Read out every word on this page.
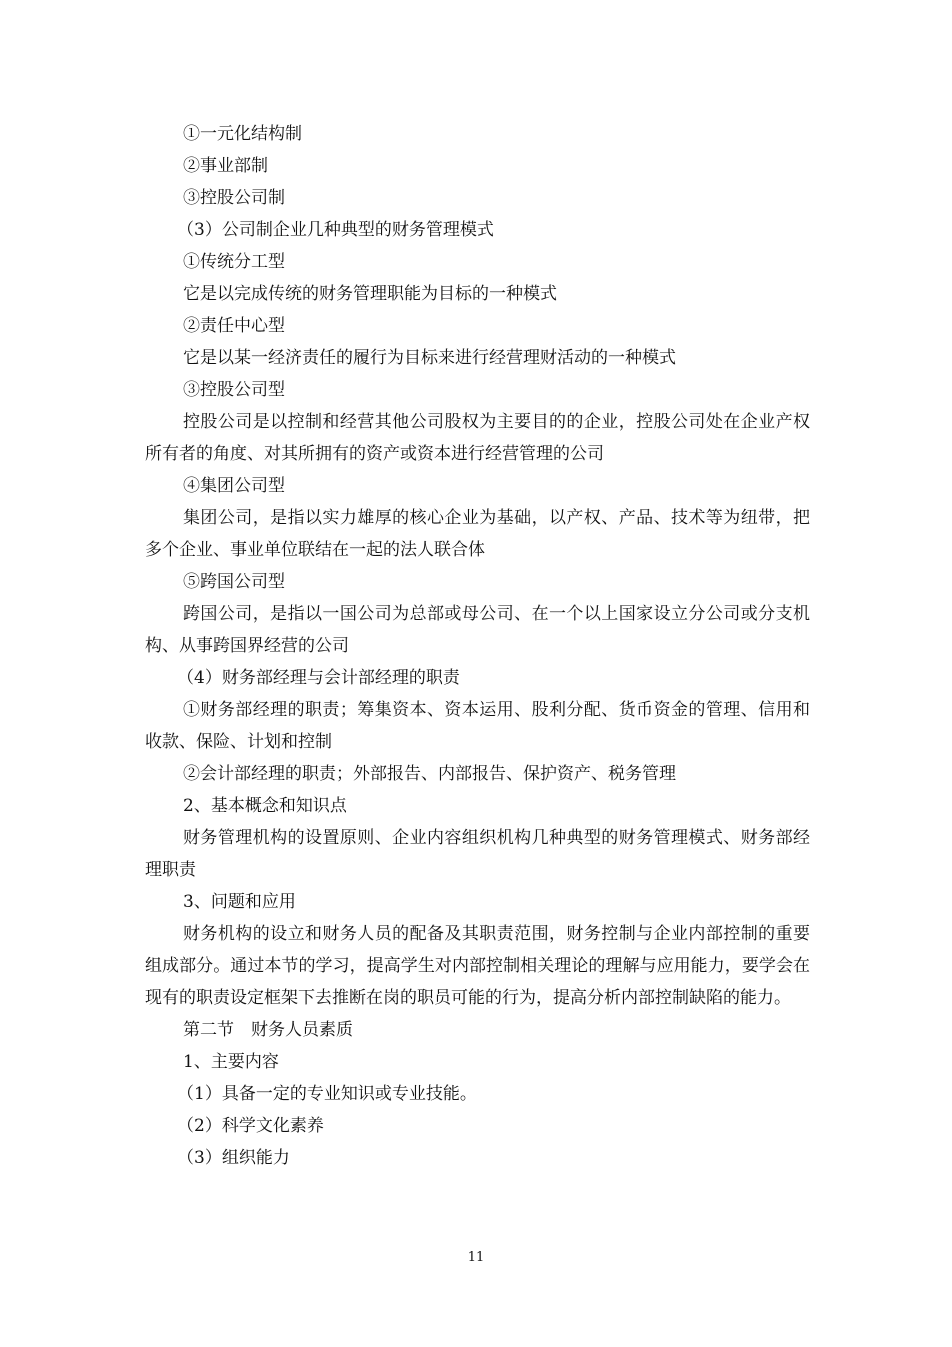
①一元化结构制
②事业部制
③控股公司制
（3）公司制企业几种典型的财务管理模式
①传统分工型
它是以完成传统的财务管理职能为目标的一种模式
②责任中心型
它是以某一经济责任的履行为目标来进行经营理财活动的一种模式
③控股公司型
控股公司是以控制和经营其他公司股权为主要目的的企业，控股公司处在企业产权所有者的角度、对其所拥有的资产或资本进行经营管理的公司
④集团公司型
集团公司，是指以实力雄厚的核心企业为基础，以产权、产品、技术等为纽带，把多个企业、事业单位联结在一起的法人联合体
⑤跨国公司型
跨国公司，是指以一国公司为总部或母公司、在一个以上国家设立分公司或分支机构、从事跨国界经营的公司
（4）财务部经理与会计部经理的职责
①财务部经理的职责；筹集资本、资本运用、股利分配、货币资金的管理、信用和收款、保险、计划和控制
②会计部经理的职责；外部报告、内部报告、保护资产、税务管理
2、基本概念和知识点
财务管理机构的设置原则、企业内容组织机构几种典型的财务管理模式、财务部经理职责
3、问题和应用
财务机构的设立和财务人员的配备及其职责范围，财务控制与企业内部控制的重要组成部分。通过本节的学习，提高学生对内部控制相关理论的理解与应用能力，要学会在现有的职责设定框架下去推断在岗的职员可能的行为，提高分析内部控制缺陷的能力。
第二节　财务人员素质
1、主要内容
（1）具备一定的专业知识或专业技能。
（2）科学文化素养
（3）组织能力
11
